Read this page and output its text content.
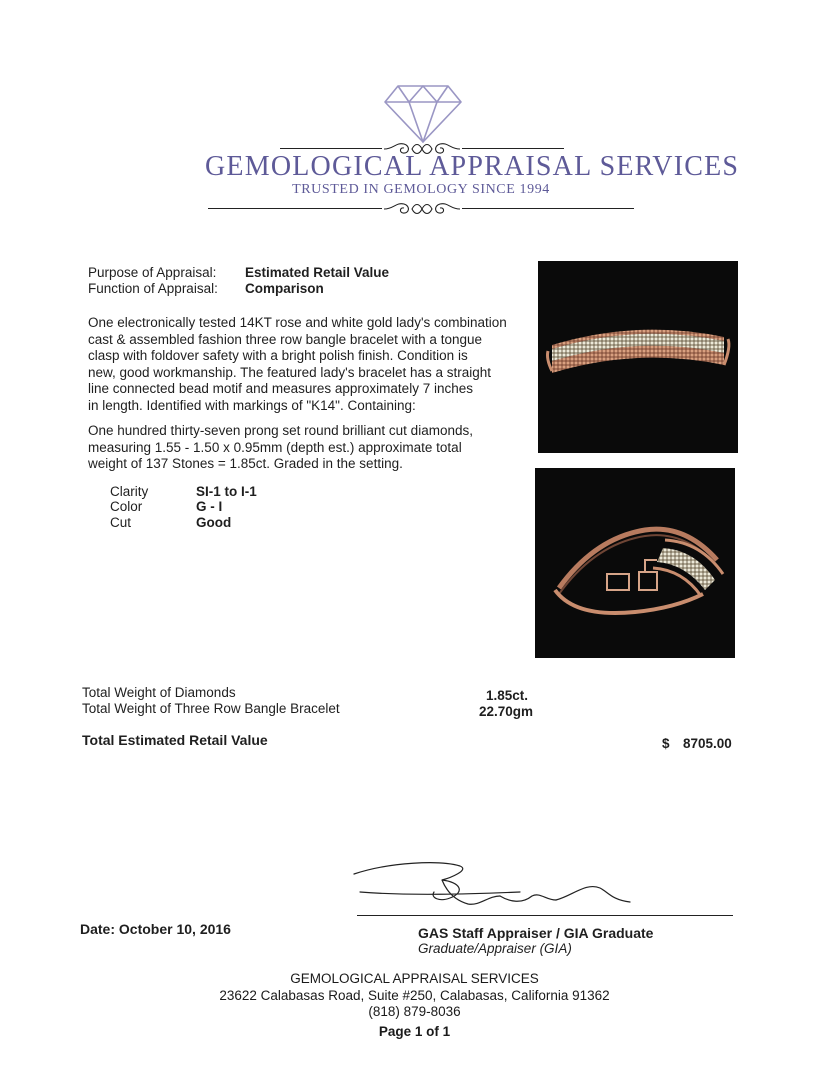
GEMOLOGICAL APPRAISAL SERVICES
TRUSTED IN GEMOLOGY SINCE 1994
Purpose of Appraisal: Estimated Retail Value
Function of Appraisal: Comparison
One electronically tested 14KT rose and white gold lady's combination
cast & assembled fashion three row bangle bracelet with a tongue
clasp with foldover safety with a bright polish finish. Condition is
new, good workmanship. The featured lady's bracelet has a straight
line connected bead motif and measures approximately 7 inches
in length. Identified with markings of "K14". Containing:
One hundred thirty-seven prong set round brilliant cut diamonds,
measuring 1.55 - 1.50 x 0.95mm (depth est.) approximate total
weight of 137 Stones = 1.85ct. Graded in the setting.
Clarity	SI-1 to I-1
Color	G - I
Cut	Good
Total Weight of Diamonds	1.85ct.
Total Weight of Three Row Bangle Bracelet	22.70gm
Total Estimated Retail Value	$ 8705.00
Date: October 10, 2016	GAS Staff Appraiser / GIA Graduate
Graduate/Appraiser (GIA)
GEMOLOGICAL APPRAISAL SERVICES
23622 Calabasas Road, Suite #250, Calabasas, California 91362
(818) 879-8036
Page 1 of 1
